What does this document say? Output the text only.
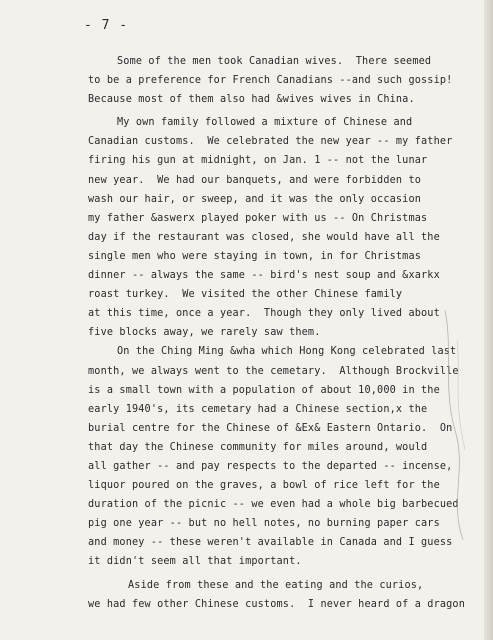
- 7 -
Some of the men took Canadian wives.  There seemed
to be a preference for French Canadians --and such gossip!
Because most of them also had &wives wives in China.
My own family followed a mixture of Chinese and
Canadian customs.  We celebrated the new year -- my father
firing his gun at midnight, on Jan. 1 -- not the lunar
new year.  We had our banquets, and were forbidden to
wash our hair, or sweep, and it was the only occasion
my father &aswerx played poker with us -- On Christmas
day if the restaurant was closed, she would have all the
single men who were staying in town, in for Christmas
dinner -- always the same -- bird's nest soup and &xarkx
roast turkey.  We visited the other Chinese family
at this time, once a year.  Though they only lived about
five blocks away, we rarely saw them.
On the Ching Ming &wha which Hong Kong celebrated last
month, we always went to the cemetary.  Although Brockville
is a small town with a population of about 10,000 in the
early 1940's, its cemetary had a Chinese section,x the
burial centre for the Chinese of &Ex& Eastern Ontario.  On
that day the Chinese community for miles around, would
all gather -- and pay respects to the departed -- incense,
liquor poured on the graves, a bowl of rice left for the
duration of the picnic -- we even had a whole big barbecued
pig one year -- but no hell notes, no burning paper cars
and money -- these weren't available in Canada and I guess
it didn't seem all that important.
Aside from these and the eating and the curios,
we had few other Chinese customs.  I never heard of a dragon
